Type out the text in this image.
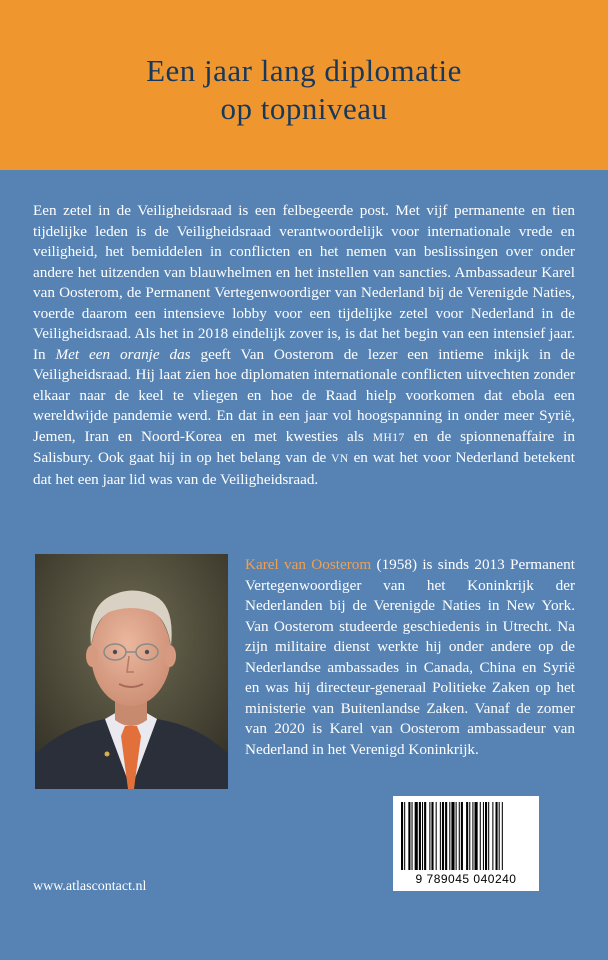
Een jaar lang diplomatie
op topniveau
Een zetel in de Veiligheidsraad is een felbegeerde post. Met vijf permanente en tien tijdelijke leden is de Veiligheidsraad verantwoordelijk voor internationale vrede en veiligheid, het bemiddelen in conflicten en het nemen van beslissingen over onder andere het uitzenden van blauwhelmen en het instellen van sancties. Ambassadeur Karel van Oosterom, de Permanent Vertegenwoordiger van Nederland bij de Verenigde Naties, voerde daarom een intensieve lobby voor een tijdelijke zetel voor Nederland in de Veiligheidsraad. Als het in 2018 eindelijk zover is, is dat het begin van een intensief jaar. In Met een oranje das geeft Van Oosterom de lezer een intieme inkijk in de Veiligheidsraad. Hij laat zien hoe diplomaten internationale conflicten uitvechten zonder elkaar naar de keel te vliegen en hoe de Raad hielp voorkomen dat ebola een wereldwijde pandemie werd. En dat in een jaar vol hoogspanning in onder meer Syrië, Jemen, Iran en Noord-Korea en met kwesties als MH17 en de spionnenaffaire in Salisbury. Ook gaat hij in op het belang van de VN en wat het voor Nederland betekent dat het een jaar lid was van de Veiligheidsraad.
Karel van Oosterom (1958) is sinds 2013 Permanent Vertegenwoordiger van het Koninkrijk der Nederlanden bij de Verenigde Naties in New York. Van Oosterom studeerde geschiedenis in Utrecht. Na zijn militaire dienst werkte hij onder andere op de Nederlandse ambassades in Canada, China en Syrië en was hij directeur-generaal Politieke Zaken op het ministerie van Buitenlandse Zaken. Vanaf de zomer van 2020 is Karel van Oosterom ambassadeur van Nederland in het Verenigd Koninkrijk.
9 789045 040240
www.atlascontact.nl
